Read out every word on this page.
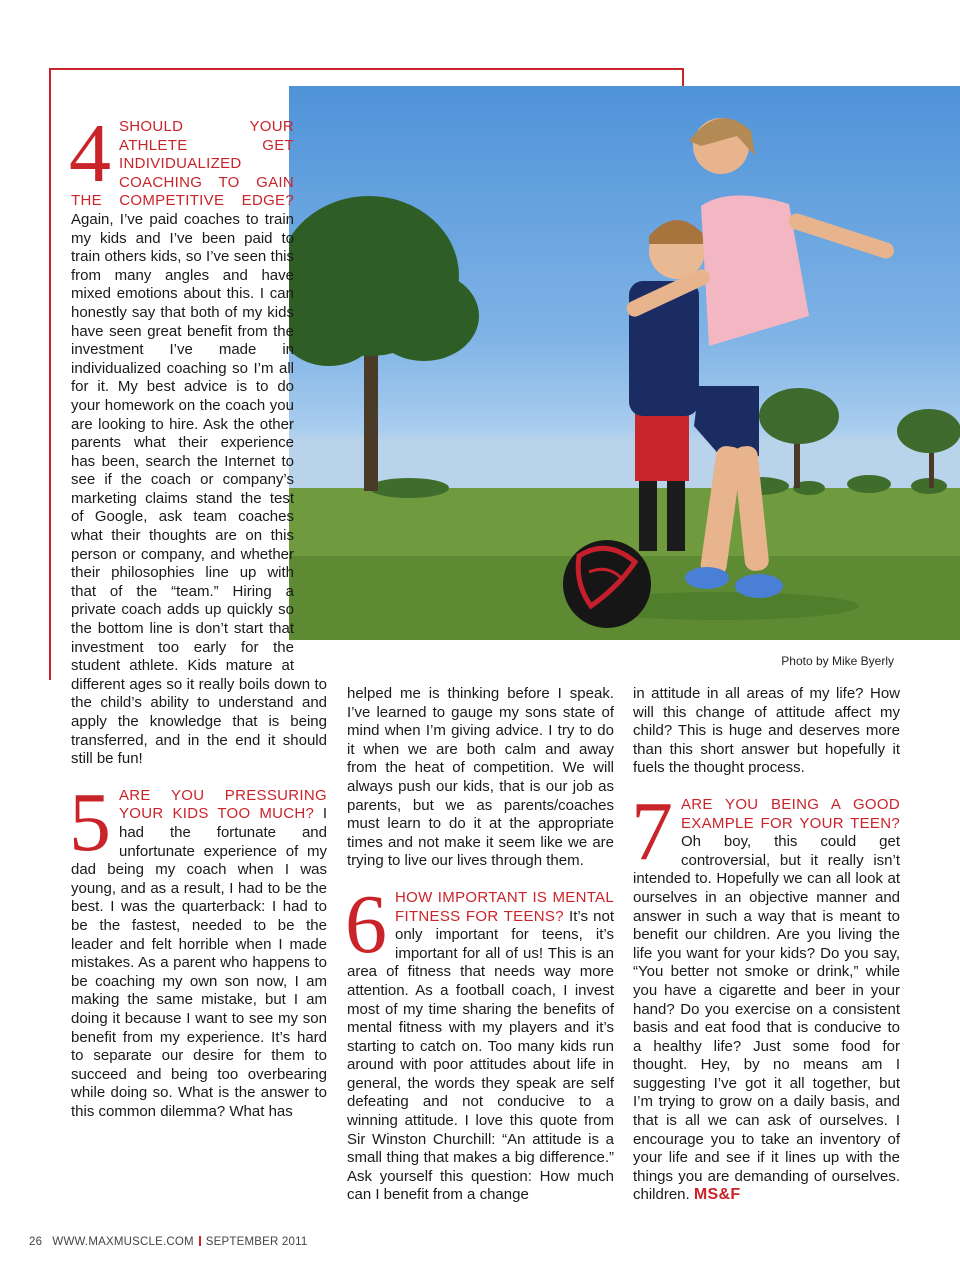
Photo by Mike Byerly

4 SHOULD YOUR ATHLETE GET INDIVIDUALIZED COACHING TO GAIN THE COMPETITIVE EDGE? Again, I’ve paid coaches to train my kids and I’ve been paid to train others kids, so I’ve seen this from many angles and have mixed emotions about this. I can honestly say that both of my kids have seen great benefit from the investment I’ve made in individualized coaching so I’m all for it. My best advice is to do your homework on the coach you are looking to hire. Ask the other parents what their experience has been, search the Internet to see if the coach or company’s marketing claims stand the test of Google, ask team coaches what their thoughts are on this person or company, and whether their philosophies line up with that of the “team.” Hiring a private coach adds up quickly so the bottom line is don’t start that investment too early for the student athlete. Kids mature at different ages so it really boils down to the child’s ability to understand and apply the knowledge that is being transferred, and in the end it should still be fun!

5 ARE YOU PRESSURING YOUR KIDS TOO MUCH? I had the fortunate and unfortunate experience of my dad being my coach when I was young, and as a result, I had to be the best. I was the quarterback: I had to be the fastest, needed to be the leader and felt horrible when I made mistakes. As a parent who happens to be coaching my own son now, I am making the same mistake, but I am doing it because I want to see my son benefit from my experience. It’s hard to separate our desire for them to succeed and being too overbearing while doing so. What is the answer to this common dilemma? What has

helped me is thinking before I speak. I’ve learned to gauge my sons state of mind when I’m giving advice. I try to do it when we are both calm and away from the heat of competition. We will always push our kids, that is our job as parents, but we as parents/coaches must learn to do it at the appropriate times and not make it seem like we are trying to live our lives through them.

6 HOW IMPORTANT IS MENTAL FITNESS FOR TEENS? It’s not only important for teens, it’s important for all of us! This is an area of fitness that needs way more attention. As a football coach, I invest most of my time sharing the benefits of mental fitness with my players and it’s starting to catch on. Too many kids run around with poor attitudes about life in general, the words they speak are self defeating and not conducive to a winning attitude. I love this quote from Sir Winston Churchill: “An attitude is a small thing that makes a big difference.” Ask yourself this question: How much can I benefit from a change

in attitude in all areas of my life? How will this change of attitude affect my child? This is huge and deserves more than this short answer but hopefully it fuels the thought process.

7 ARE YOU BEING A GOOD EXAMPLE FOR YOUR TEEN? Oh boy, this could get controversial, but it really isn’t intended to. Hopefully we can all look at ourselves in an objective manner and answer in such a way that is meant to benefit our children. Are you living the life you want for your kids? Do you say, “You better not smoke or drink,” while you have a cigarette and beer in your hand? Do you exercise on a consistent basis and eat food that is conducive to a healthy life? Just some food for thought. Hey, by no means am I suggesting I’ve got it all together, but I’m trying to grow on a daily basis, and that is all we can ask of ourselves. I encourage you to take an inventory of your life and see if it lines up with the things you are demanding of ourselves. children. MS&F

26 WWW.MAXMUSCLE.COM SEPTEMBER 2011
